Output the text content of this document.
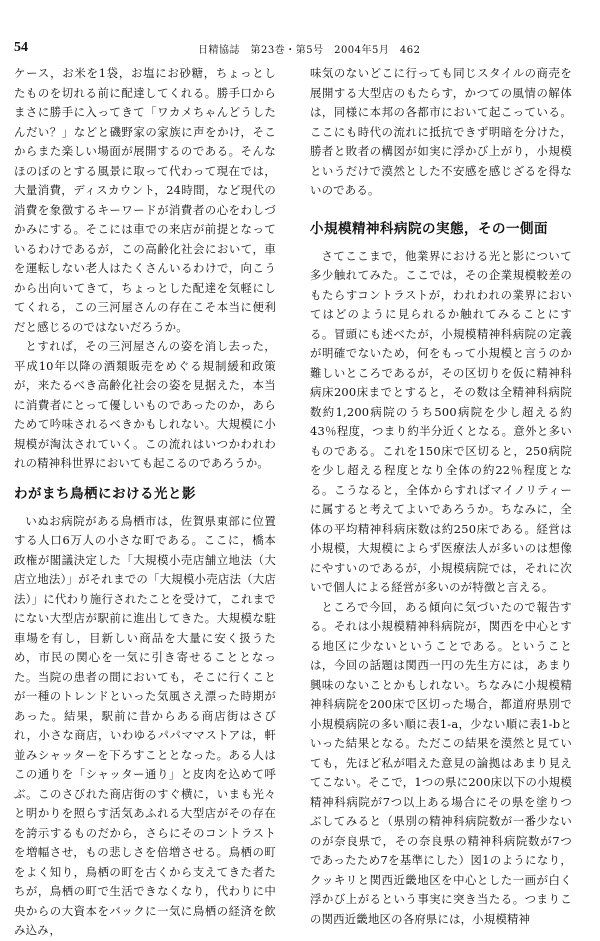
54	日精協誌　第23巻・第5号　2004年5月　462

ケース，お米を1袋，お塩にお砂糖，ちょっとしたものを切れる前に配達してくれる。勝手口からまさに勝手に入ってきて「ワカメちゃんどうしたんだい？」などと磯野家の家族に声をかけ，そこからまた楽しい場面が展開するのである。そんなほのぼのとする風景に取って代わって現在では，大量消費，ディスカウント，24時間，など現代の消費を象徴するキーワードが消費者の心をわしづかみにする。そこには車での来店が前提となっているわけであるが，この高齢化社会において，車を運転しない老人はたくさんいるわけで，向こうから出向いてきて，ちょっとした配達を気軽にしてくれる，この三河屋さんの存在こそ本当に便利だと感じるのではないだろうか。

とすれば，その三河屋さんの姿を消し去った，平成10年以降の酒類販売をめぐる規制緩和政策が，来たるべき高齢化社会の姿を見据えた，本当に消費者にとって優しいものであったのか，あらためて吟味されるべきかもしれない。大規模に小規模が淘汰されていく。この流れはいつかわれわれの精神科世界においても起こるのであろうか。

わがまち鳥栖における光と影

いぬお病院がある鳥栖市は，佐賀県東部に位置する人口6万人の小さな町である。ここに，橋本政権が閣議決定した「大規模小売店舗立地法（大店立地法）」がそれまでの「大規模小売店法（大店法）」に代わり施行されたことを受けて，これまでにない大型店が駅前に進出してきた。大規模な駐車場を有し，目新しい商品を大量に安く扱うため，市民の関心を一気に引き寄せることとなった。当院の患者の間においても，そこに行くことが一種のトレンドといった気風さえ漂った時期があった。結果，駅前に昔からある商店街はさびれ，小さな商店，いわゆるパパママストアは，軒並みシャッターを下ろすこととなった。ある人はこの通りを「シャッター通り」と皮肉を込めて呼ぶ。このさびれた商店街のすぐ横に，いまも光々と明かりを照らす活気あふれる大型店がその存在を誇示するものだから，さらにそのコントラストを増幅させ，もの悲しさを倍増させる。鳥栖の町をよく知り，鳥栖の町を古くから支えてきた者たちが，鳥栖の町で生活できなくなり，代わりに中央からの大資本をバックに一気に鳥栖の経済を飲み込み，

味気のないどこに行っても同じスタイルの商売を展開する大型店のもたらす，かつての風情の解体は，同様に本邦の各都市において起こっている。ここにも時代の流れに抵抗できず明暗を分けた，勝者と敗者の構図が如実に浮かび上がり，小規模というだけで漠然とした不安感を感じざるを得ないのである。

小規模精神科病院の実態，その一側面

さてここまで，他業界における光と影について多少触れてみた。ここでは，その企業規模較差のもたらすコントラストが，われわれの業界においてはどのように見られるか触れてみることにする。冒頭にも述べたが，小規模精神科病院の定義が明確でないため，何をもって小規模と言うのか難しいところであるが，その区切りを仮に精神科病床200床までとすると，その数は全精神科病院数約1,200病院のうち500病院を少し超える約43％程度，つまり約半分近くとなる。意外と多いものである。これを150床で区切ると，250病院を少し超える程度となり全体の約22％程度となる。こうなると，全体からすればマイノリティーに属すると考えてよいであろうか。ちなみに，全体の平均精神科病床数は約250床である。経営は小規模，大規模によらず医療法人が多いのは想像にやすいのであるが，小規模病院では，それに次いで個人による経営が多いのが特徴と言える。

ところで今回，ある傾向に気づいたので報告する。それは小規模精神科病院が，関西を中心とする地区に少ないということである。ということは，今回の話題は関西一円の先生方には，あまり興味のないことかもしれない。ちなみに小規模精神科病院を200床で区切った場合，都道府県別で小規模病院の多い順に表1-a，少ない順に表1-bといった結果となる。ただこの結果を漠然と見ていても，先ほど私が唱えた意見の論拠はあまり見えてこない。そこで，1つの県に200床以下の小規模精神科病院が7つ以上ある場合にその県を塗りつぶしてみると（県別の精神科病院数が一番少ないのが奈良県で，その奈良県の精神科病院数が7つであったため7を基準にした）図1のようになり，クッキリと関西近畿地区を中心とした一画が白く浮かび上がるという事実に突き当たる。つまりこの関西近畿地区の各府県には，小規模精神
